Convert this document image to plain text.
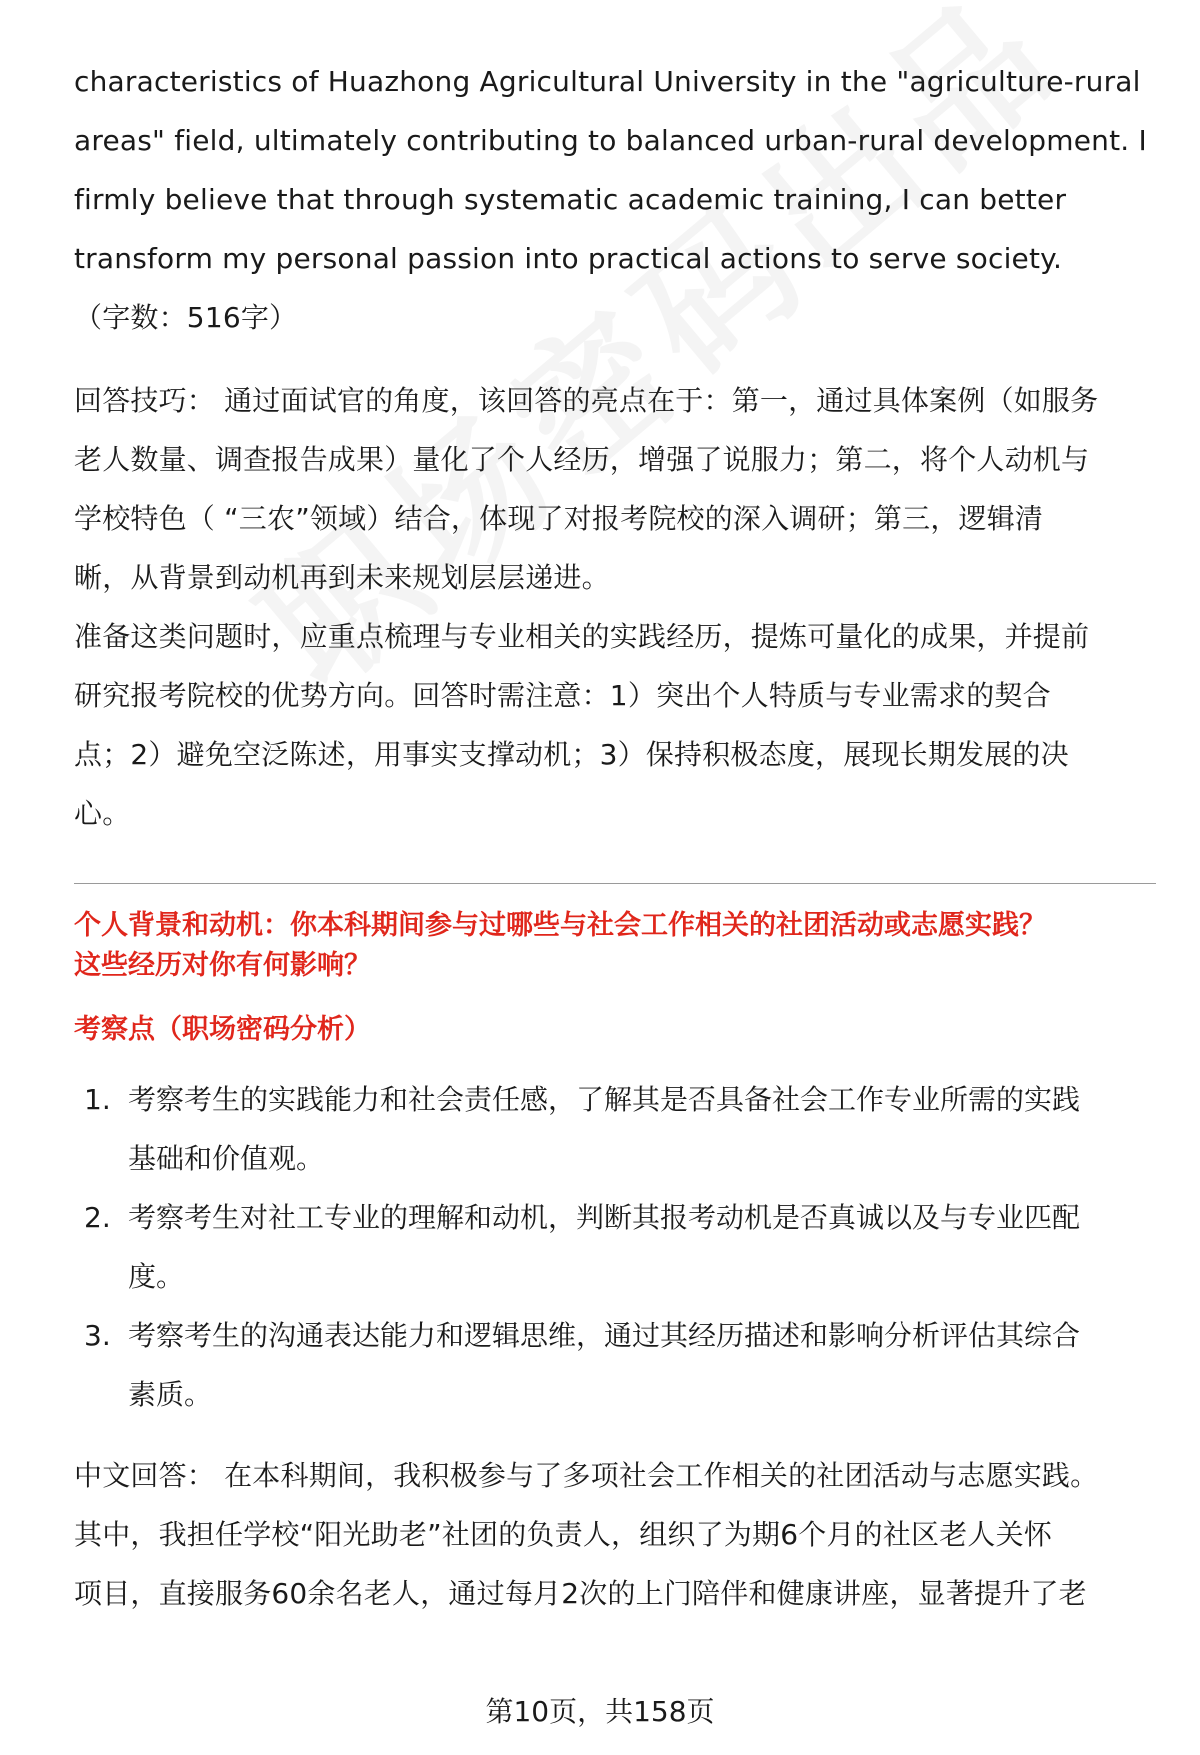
characteristics of Huazhong Agricultural University in the "agriculture-rural

areas" field, ultimately contributing to balanced urban-rural development. I

firmly believe that through systematic academic training, I can better

transform my personal passion into practical actions to serve society.

（字数：516字）

回答技巧： 通过面试官的角度，该回答的亮点在于：第一，通过具体案例（如服务

老人数量、调查报告成果）量化了个人经历，增强了说服力；第二，将个人动机与

学校特色（ “三农”领域）结合，体现了对报考院校的深入调研；第三，逻辑清

晰，从背景到动机再到未来规划层层递进。

准备这类问题时，应重点梳理与专业相关的实践经历，提炼可量化的成果，并提前

研究报考院校的优势方向。回答时需注意：1）突出个人特质与专业需求的契合

点；2）避免空泛陈述，用事实支撑动机；3）保持积极态度，展现长期发展的决

心。

个人背景和动机：你本科期间参与过哪些与社会工作相关的社团活动或志愿实践？
这些经历对你有何影响？
考察点（职场密码分析）
1. 考察考生的实践能力和社会责任感，了解其是否具备社会工作专业所需的实践
基础和价值观。
2. 考察考生对社工专业的理解和动机，判断其报考动机是否真诚以及与专业匹配
度。
3. 考察考生的沟通表达能力和逻辑思维，通过其经历描述和影响分析评估其综合
素质。

中文回答： 在本科期间，我积极参与了多项社会工作相关的社团活动与志愿实践。

其中，我担任学校“阳光助老”社团的负责人，组织了为期6个月的社区老人关怀

项目，直接服务60余名老人，通过每月2次的上门陪伴和健康讲座，显著提升了老

第10页，共158页
